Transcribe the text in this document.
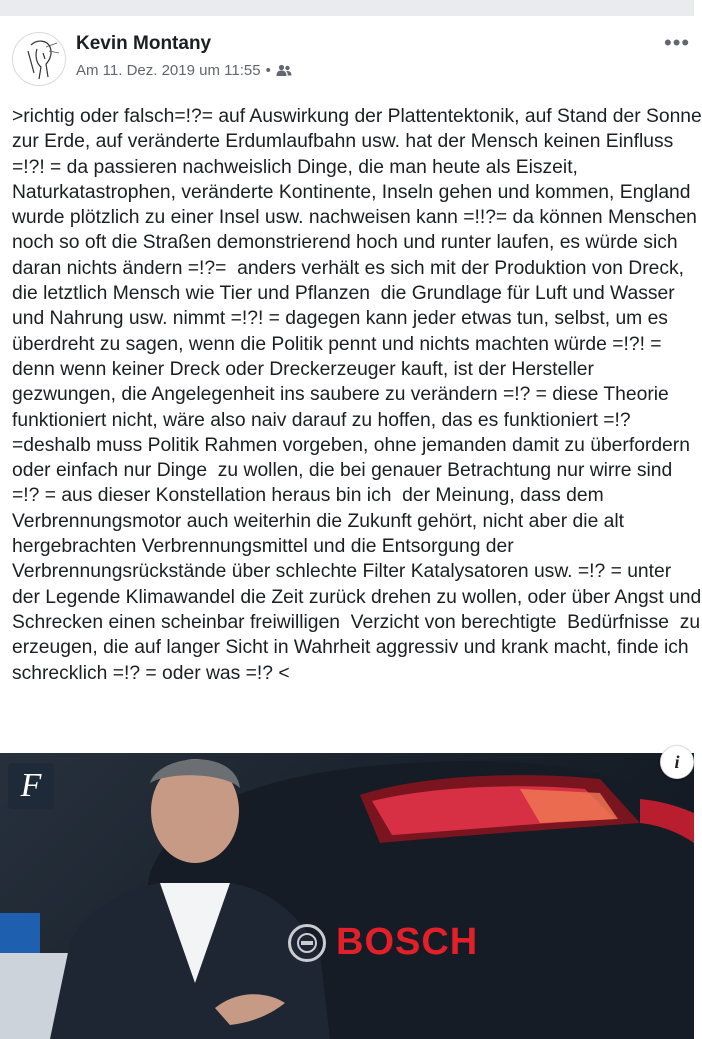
Kevin Montany
Am 11. Dez. 2019 um 11:55 •
•••

>richtig oder falsch=!?= auf Auswirkung der Plattentektonik, auf Stand der Sonne zur Erde, auf veränderte Erdumlaufbahn usw. hat der Mensch keinen Einfluss =!?! = da passieren nachweislich Dinge, die man heute als Eiszeit, Naturkatastrophen, veränderte Kontinente, Inseln gehen und kommen, England wurde plötzlich zu einer Insel usw. nachweisen kann =!!?= da können Menschen noch so oft die Straßen demonstrierend hoch und runter laufen, es würde sich daran nichts ändern =!?=  anders verhält es sich mit der Produktion von Dreck, die letztlich Mensch wie Tier und Pflanzen  die Grundlage für Luft und Wasser und Nahrung usw. nimmt =!?! = dagegen kann jeder etwas tun, selbst, um es überdreht zu sagen, wenn die Politik pennt und nichts machten würde =!?! = denn wenn keiner Dreck oder Dreckerzeuger kauft, ist der Hersteller gezwungen, die Angelegenheit ins saubere zu verändern =!? = diese Theorie funktioniert nicht, wäre also naiv darauf zu hoffen, das es funktioniert =!? =deshalb muss Politik Rahmen vorgeben, ohne jemanden damit zu überfordern oder einfach nur Dinge  zu wollen, die bei genauer Betrachtung nur wirre sind =!? = aus dieser Konstellation heraus bin ich  der Meinung, dass dem Verbrennungsmotor auch weiterhin die Zukunft gehört, nicht aber die alt hergebrachten Verbrennungsmittel und die Entsorgung der Verbrennungsrückstände über schlechte Filter Katalysatoren usw. =!? = unter der Legende Klimawandel die Zeit zurück drehen zu wollen, oder über Angst und Schrecken einen scheinbar freiwilligen  Verzicht von berechtigte  Bedürfnisse  zu erzeugen, die auf langer Sicht in Wahrheit aggressiv und krank macht, finde ich schrecklich =!? = oder was =!? <

F
BOSCH
i
